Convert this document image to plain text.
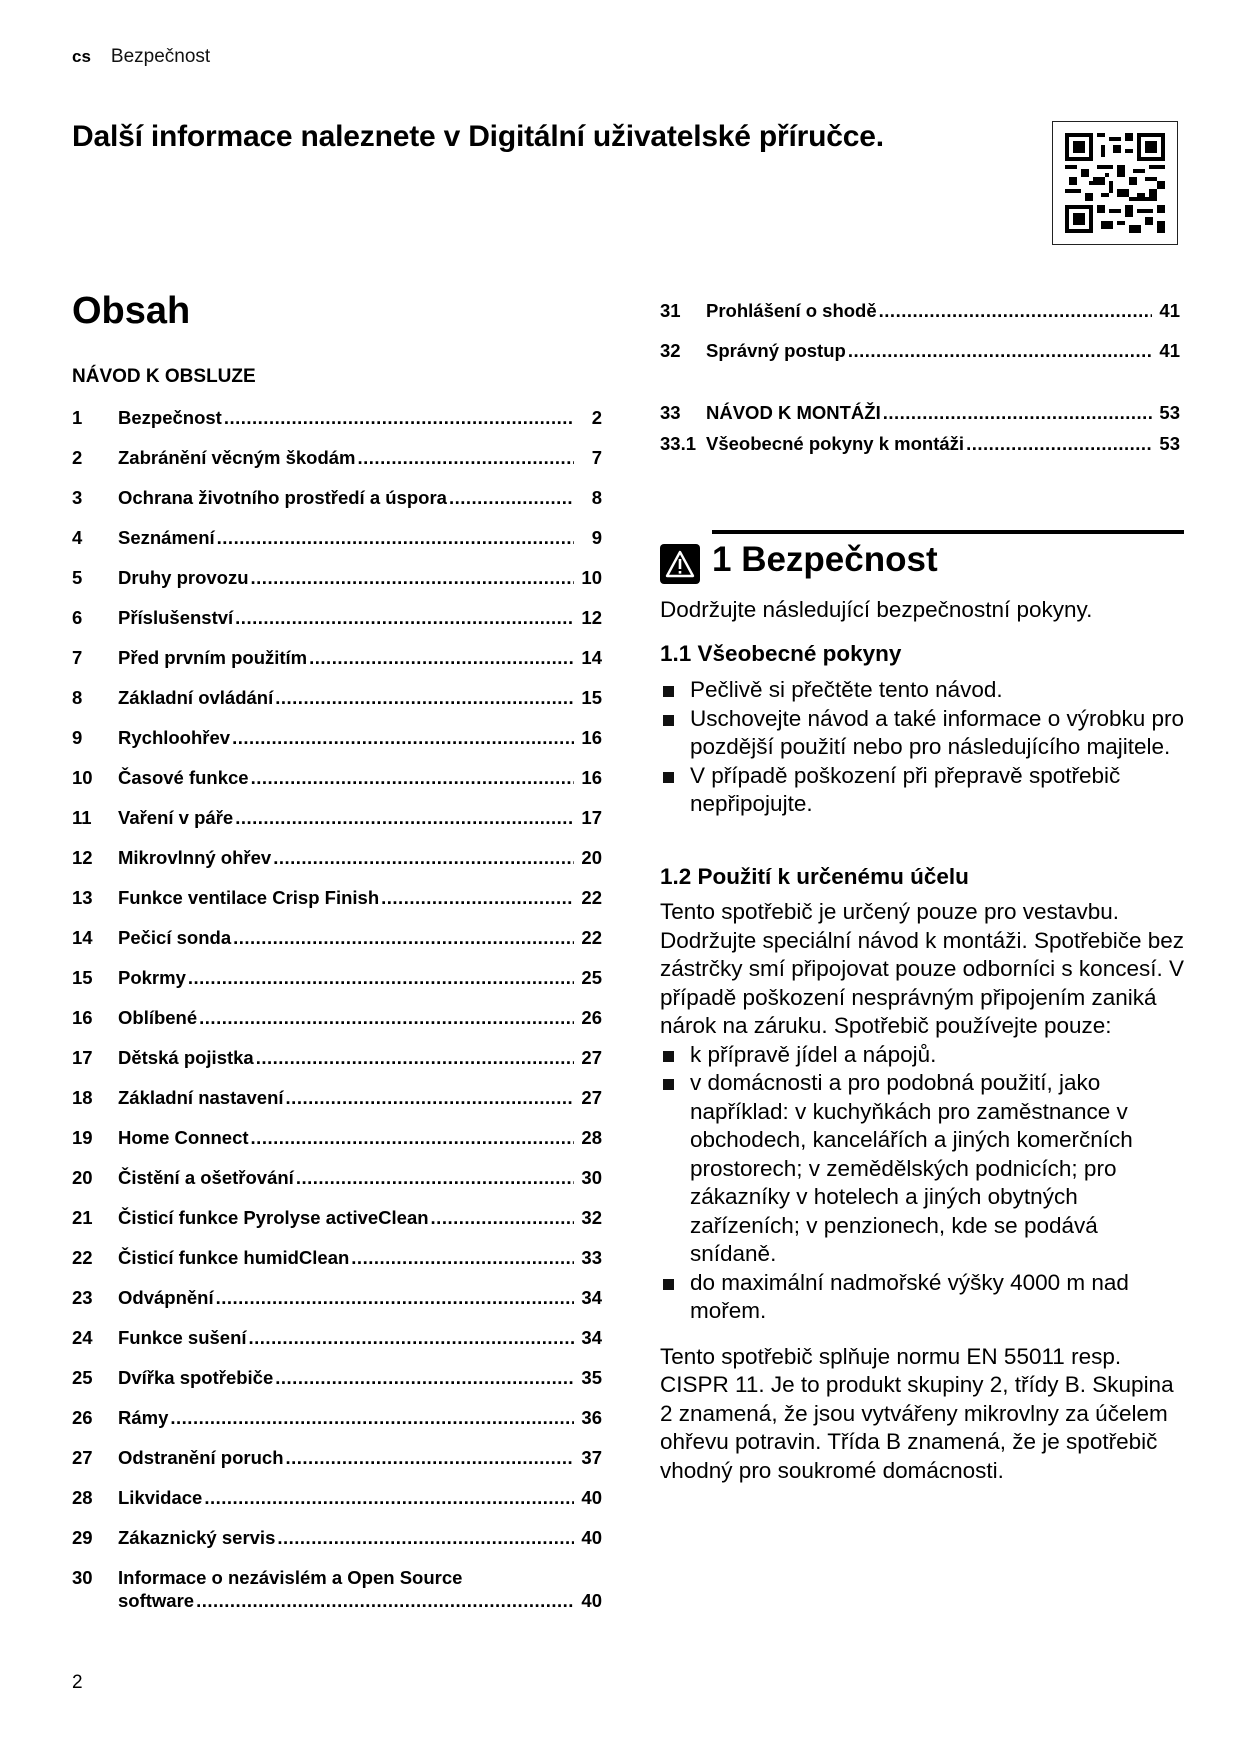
cs Bezpečnost
Další informace naleznete v Digitální uživatelské příručce.
Obsah
NÁVOD K OBSLUZE
1	Bezpečnost .....	2
2	Zabránění věcným škodám .....	7
3	Ochrana životního prostředí a úspora .....	8
4	Seznámení .....	9
5	Druhy provozu .....	10
6	Příslušenství .....	12
7	Před prvním použitím .....	14
8	Základní ovládání .....	15
9	Rychloohřev .....	16
10	Časové funkce .....	16
11	Vaření v páře .....	17
12	Mikrovlnný ohřev .....	20
13	Funkce ventilace Crisp Finish .....	22
14	Pečicí sonda .....	22
15	Pokrmy .....	25
16	Oblíbené .....	26
17	Dětská pojistka .....	27
18	Základní nastavení .....	27
19	Home Connect .....	28
20	Čistění a ošetřování .....	30
21	Čisticí funkce Pyrolyse activeClean .....	32
22	Čisticí funkce humidClean .....	33
23	Odvápnění .....	34
24	Funkce sušení .....	34
25	Dvířka spotřebiče .....	35
26	Rámy .....	36
27	Odstranění poruch .....	37
28	Likvidace .....	40
29	Zákaznický servis .....	40
30	Informace o nezávislém a Open Source
software .....	40
31	Prohlášení o shodě .....	41
32	Správný postup .....	41
33	NÁVOD K MONTÁŽI .....	53
33.1 Všeobecné pokyny k montáži .....	53
1 Bezpečnost

Dodržujte následující bezpečnostní pokyny.

1.1 Všeobecné pokyny

Pečlivě si přečtěte tento návod.

Uschovejte návod a také informace o výrobku pro pozdější použití nebo pro následujícího majitele.

V případě poškození při přepravě spotřebič nepřipojujte.

1.2 Použití k určenému účelu

Tento spotřebič je určený pouze pro vestavbu. Dodržujte speciální návod k montáži. Spotřebiče bez zástrčky smí připojovat pouze odborníci s koncesí. V případě poškození nesprávným připojením zaniká nárok na záruku. Spotřebič používejte pouze:

k přípravě jídel a nápojů.

v domácnosti a pro podobná použití, jako například: v kuchyňkách pro zaměstnance v obchodech, kancelářích a jiných komerčních prostorech; v zemědělských podnicích; pro zákazníky v hotelech a jiných obytných zařízeních; v penzionech, kde se podává snídaně.

do maximální nadmořské výšky 4000 m nad mořem.

Tento spotřebič splňuje normu EN 55011 resp. CISPR 11. Je to produkt skupiny 2, třídy B. Skupina 2 znamená, že jsou vytvářeny mikrovlny za účelem ohřevu potravin. Třída B znamená, že je spotřebič vhodný pro soukromé domácnosti.

2
